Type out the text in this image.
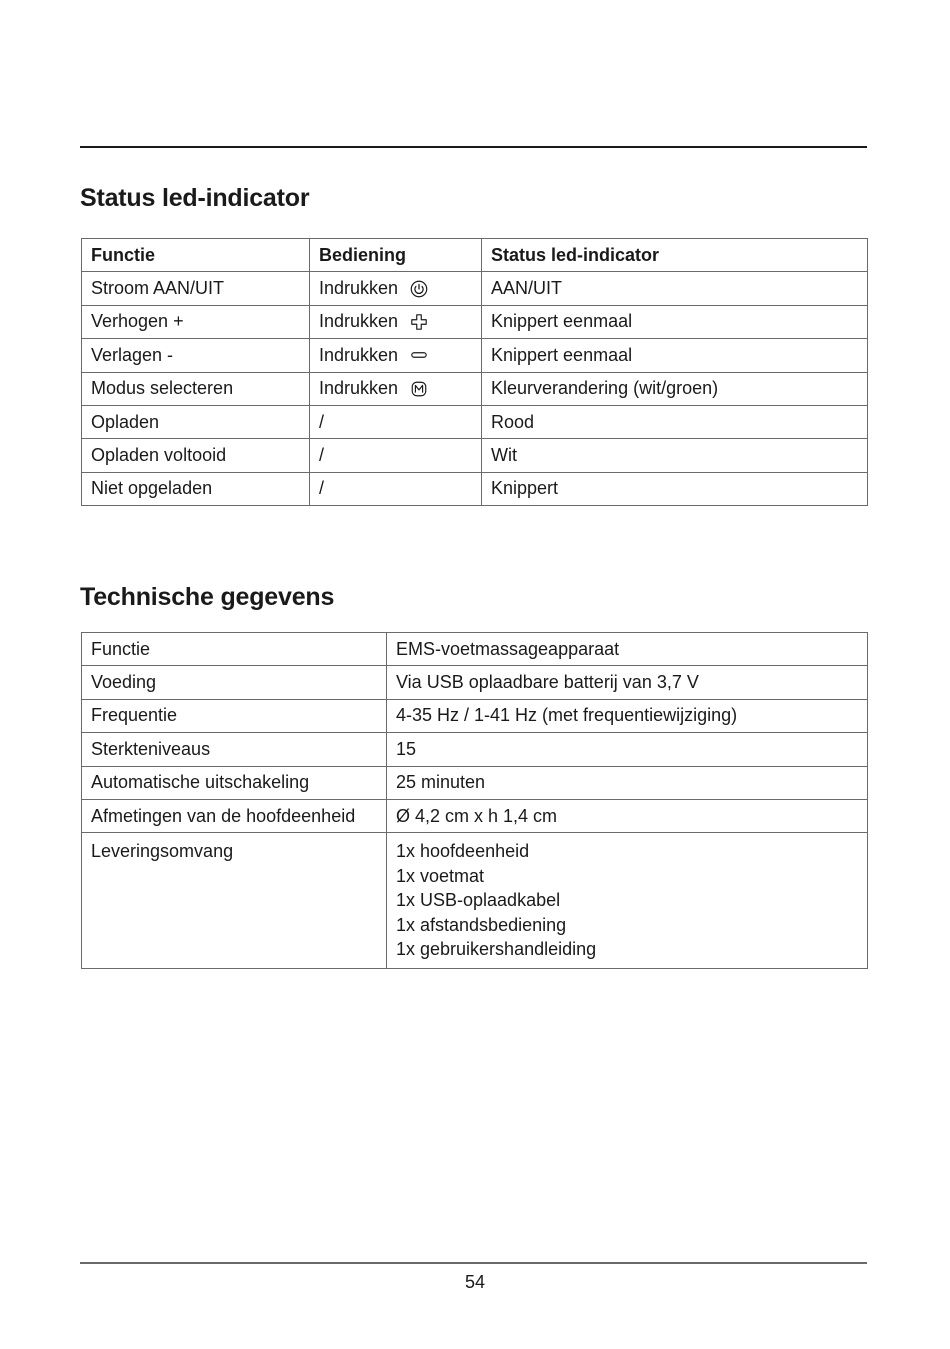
Status led-indicator
Functie	Bediening	Status led-indicator
Stroom AAN/UIT	Indrukken	AAN/UIT
Verhogen +	Indrukken	Knippert eenmaal
Verlagen -	Indrukken	Knippert eenmaal
Modus selecteren	Indrukken	Kleurverandering (wit/groen)
Opladen	/	Rood
Opladen voltooid	/	Wit
Niet opgeladen	/	Knippert
Technische gegevens
Functie	EMS-voetmassageapparaat
Voeding	Via USB oplaadbare batterij van 3,7 V
Frequentie	4-35 Hz / 1-41 Hz (met frequentiewijziging)
Sterkteniveaus	15
Automatische uitschakeling	25 minuten
Afmetingen van de hoofdeenheid	Ø 4,2 cm x h 1,4 cm
Leveringsomvang	1x hoofdeenheid
1x voetmat
1x USB-oplaadkabel
1x afstandsbediening
1x gebruikershandleiding
54
